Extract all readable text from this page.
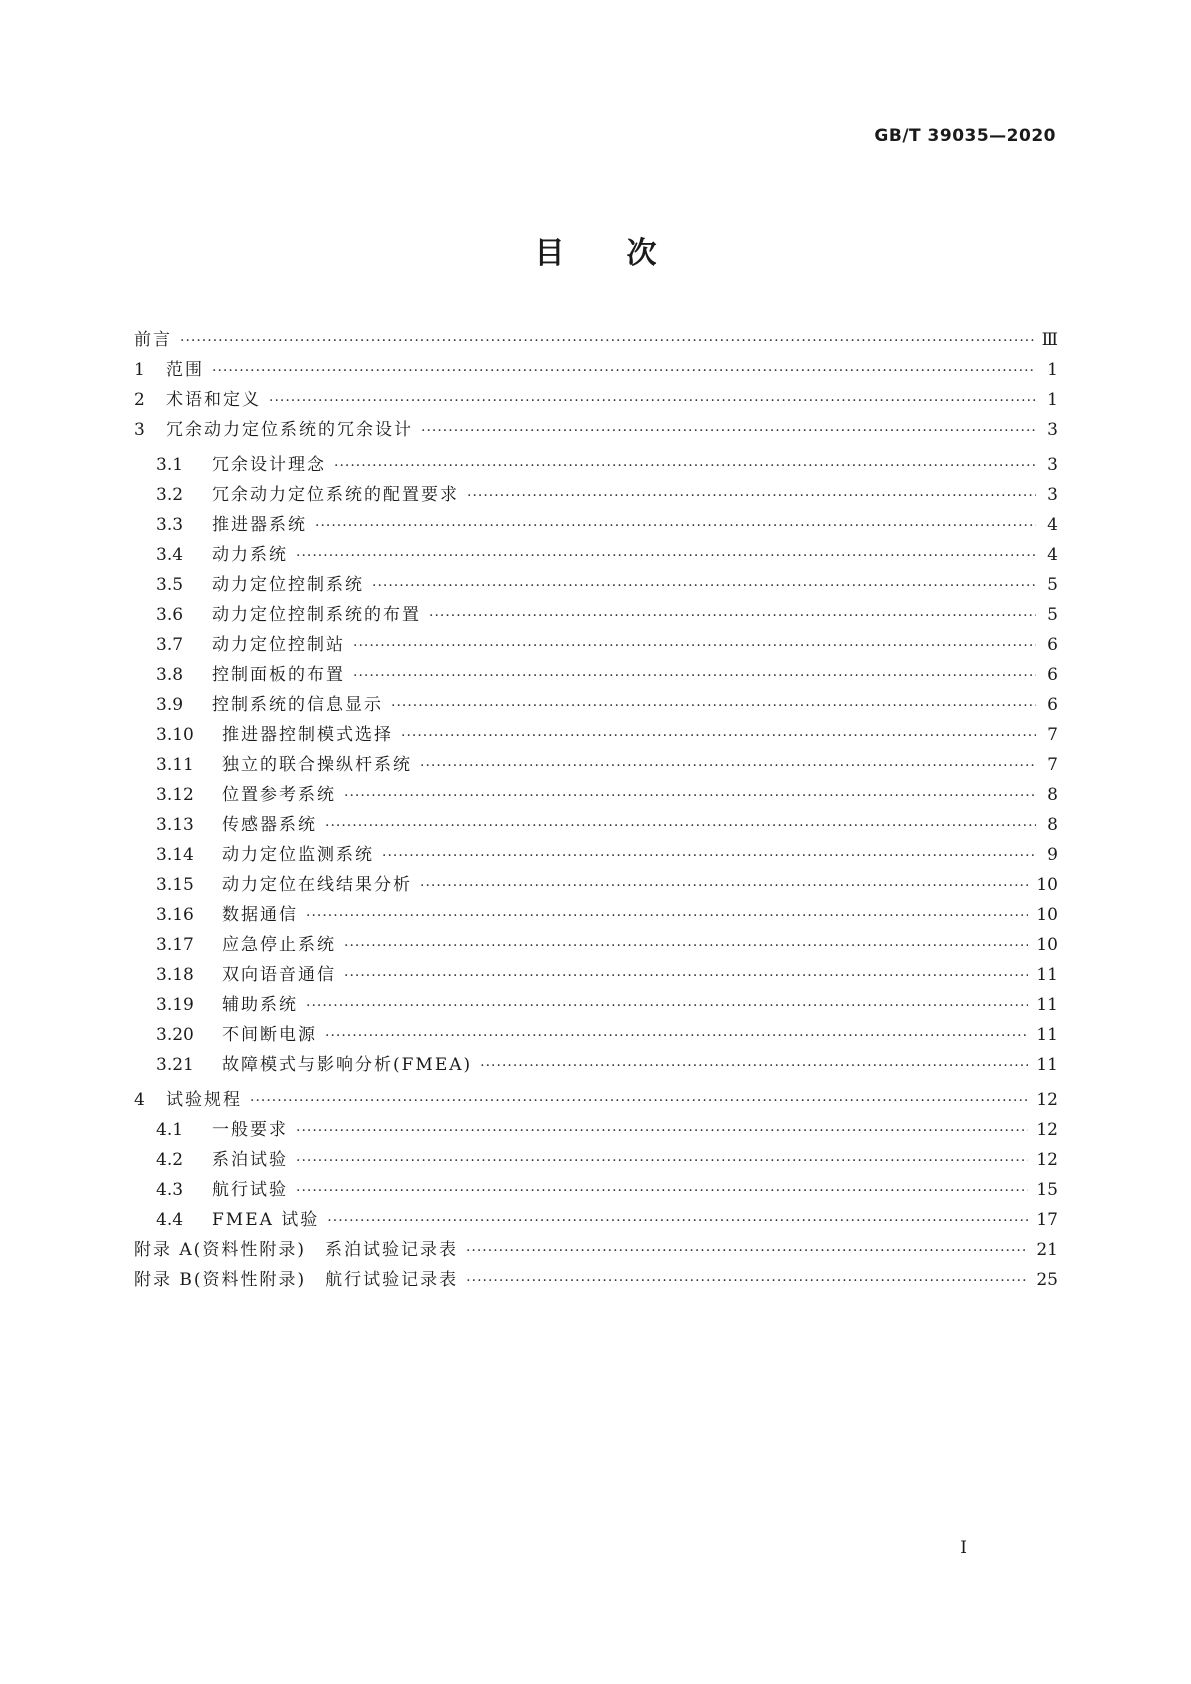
GB/T 39035—2020
目次
前言 ·····	Ⅲ
1	范围 ·····	1
2	术语和定义 ·····	1
3	冗余动力定位系统的冗余设计 ·····	3
3.1	冗余设计理念 ·····	3
3.2	冗余动力定位系统的配置要求 ·····	3
3.3	推进器系统 ·····	4
3.4	动力系统 ·····	4
3.5	动力定位控制系统 ·····	5
3.6	动力定位控制系统的布置 ·····	5
3.7	动力定位控制站 ·····	6
3.8	控制面板的布置 ·····	6
3.9	控制系统的信息显示 ·····	6
3.10	推进器控制模式选择 ·····	7
3.11	独立的联合操纵杆系统 ·····	7
3.12	位置参考系统 ·····	8
3.13	传感器系统 ·····	8
3.14	动力定位监测系统 ·····	9
3.15	动力定位在线结果分析 ·····	10
3.16	数据通信 ·····	10
3.17	应急停止系统 ·····	10
3.18	双向语音通信 ·····	11
3.19	辅助系统 ·····	11
3.20	不间断电源 ·····	11
3.21	故障模式与影响分析(FMEA) ·····	11
4	试验规程 ·····	12
4.1	一般要求 ·····	12
4.2	系泊试验 ·····	12
4.3	航行试验 ·····	15
4.4	FMEA 试验 ·····	17
附录 A(资料性附录)　系泊试验记录表 ·····	21
附录 B(资料性附录)　航行试验记录表 ·····	25
I
